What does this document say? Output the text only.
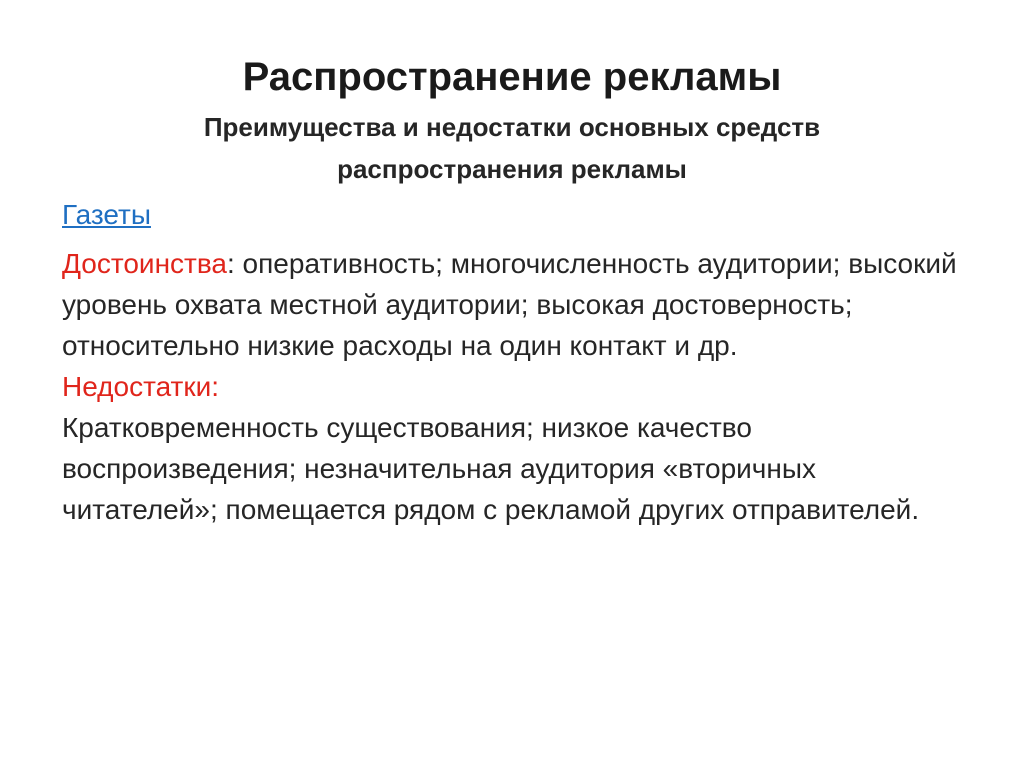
Распространение рекламы
Преимущества и недостатки основных средств распространения рекламы

Газеты

Достоинства: оперативность; многочисленность аудитории; высокий уровень охвата местной аудитории; высокая достоверность; относительно низкие расходы на один контакт и др.

Недостатки:

Кратковременность существования; низкое качество воспроизведения; незначительная аудитория «вторичных читателей»; помещается рядом с рекламой других отправителей.
